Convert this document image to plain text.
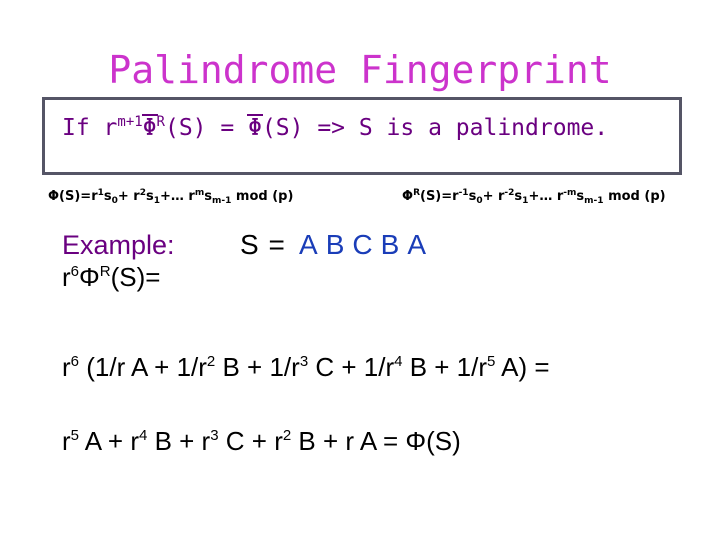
Palindrome Fingerprint
If $r^{m+1}\Phi^R(S) = \Phi(S) => S$ is a palindrome.
$\Phi(S)=r^1s_0+$ $r^2s_1+\dots$ $r^ms_{m-1}$ mod (p)	$\Phi^R(S)=r^{-1}s_0+$ $r^{-2}s_1+\dots$ $r^{-m}s_{m-1}$ mod (p)
Example:
$r^6\Phi^R(S)=$
S = A B C B A
$r^6$ (1/r $A + 1/r^2$ $B + 1/r^3$ $C + 1/r^4$ $B + 1/r^5$ A) =
$r^5$ $A + r^4$ $B + r^3$ $C + r^2$ B + r A = Φ(S)
